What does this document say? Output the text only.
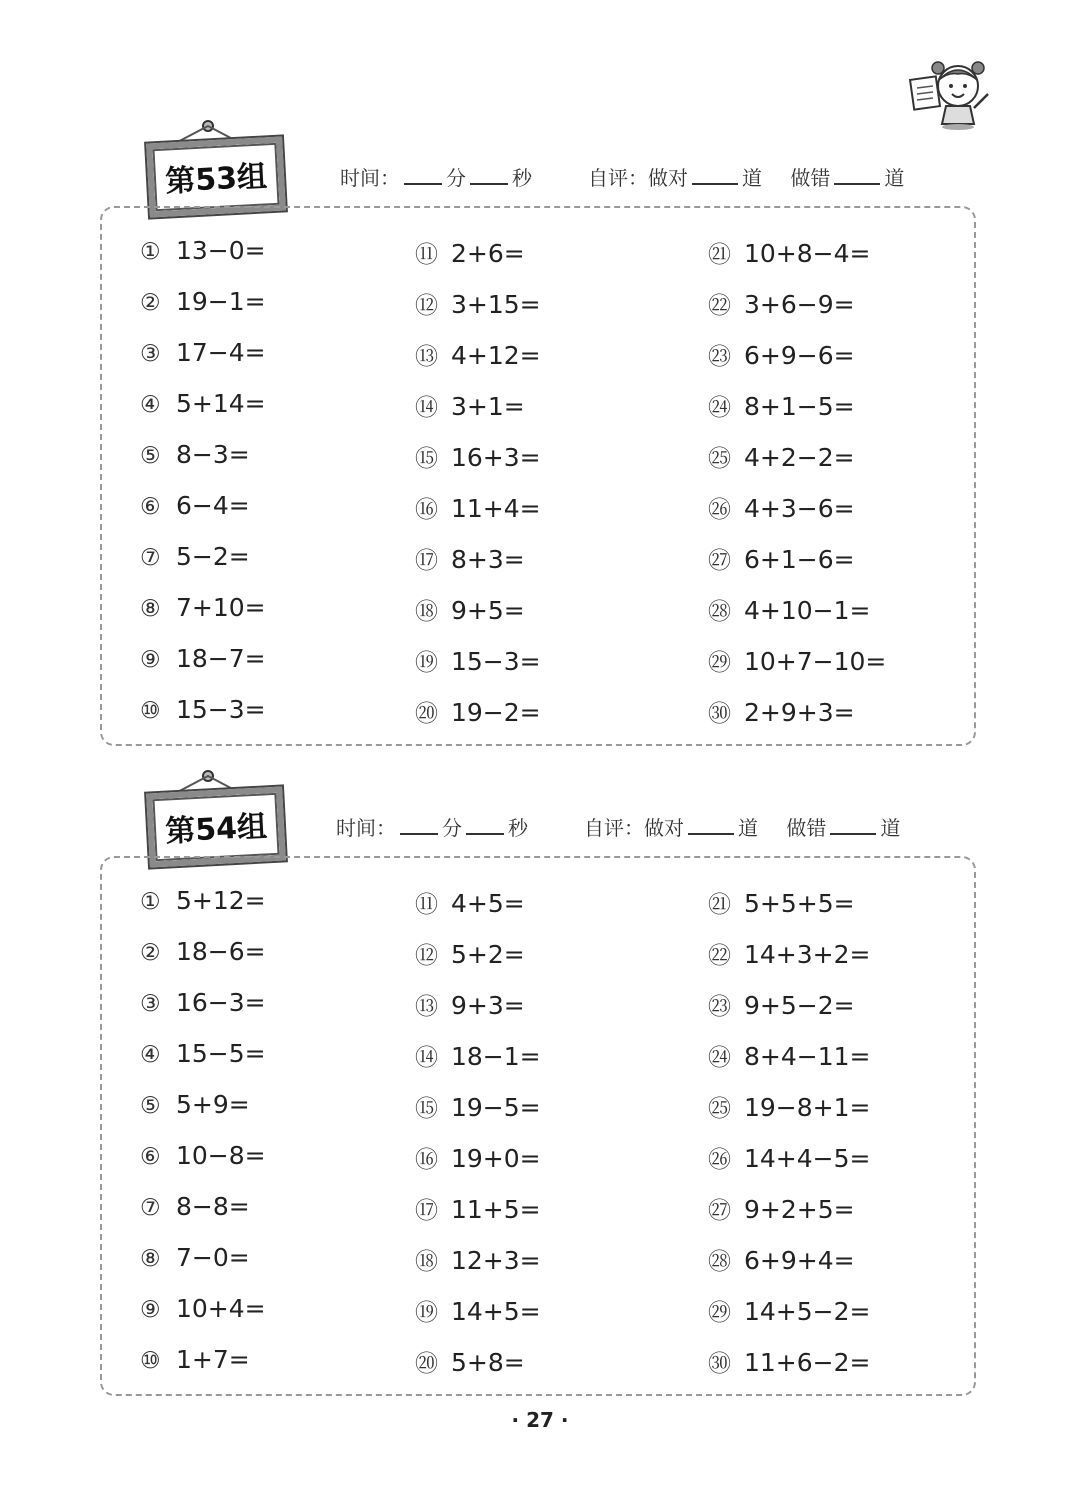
第53组	时间： 分 秒	自评：做对	道 做错	道
① 13−0=
② 19−1=
③ 17−4=
④ 5+14=
⑤ 8−3=
⑥ 6−4=
⑦ 5−2=
⑧ 7+10=
⑨ 18−7=
⑩ 15−3=
⑪ 2+6=
⑫ 3+15=
⑬ 4+12=
⑭ 3+1=
⑮ 16+3=
⑯ 11+4=
⑰ 8+3=
⑱ 9+5=
⑲ 15−3=
⑳ 19−2=
㉑ 10+8−4=
㉒ 3+6−9=
㉓ 6+9−6=
㉔ 8+1−5=
㉕ 4+2−2=
㉖ 4+3−6=
㉗ 6+1−6=
㉘ 4+10−1=
㉙ 10+7−10=
㉚ 2+9+3=
第54组	时间： 分 秒	自评：做对	道 做错	道
① 5+12=
② 18−6=
③ 16−3=
④ 15−5=
⑤ 5+9=
⑥ 10−8=
⑦ 8−8=
⑧ 7−0=
⑨ 10+4=
⑩ 1+7=
⑪ 4+5=
⑫ 5+2=
⑬ 9+3=
⑭ 18−1=
⑮ 19−5=
⑯ 19+0=
⑰ 11+5=
⑱ 12+3=
⑲ 14+5=
⑳ 5+8=
㉑ 5+5+5=
㉒ 14+3+2=
㉓ 9+5−2=
㉔ 8+4−11=
㉕ 19−8+1=
㉖ 14+4−5=
㉗ 9+2+5=
㉘ 6+9+4=
㉙ 14+5−2=
㉚ 11+6−2=
· 27 ·
